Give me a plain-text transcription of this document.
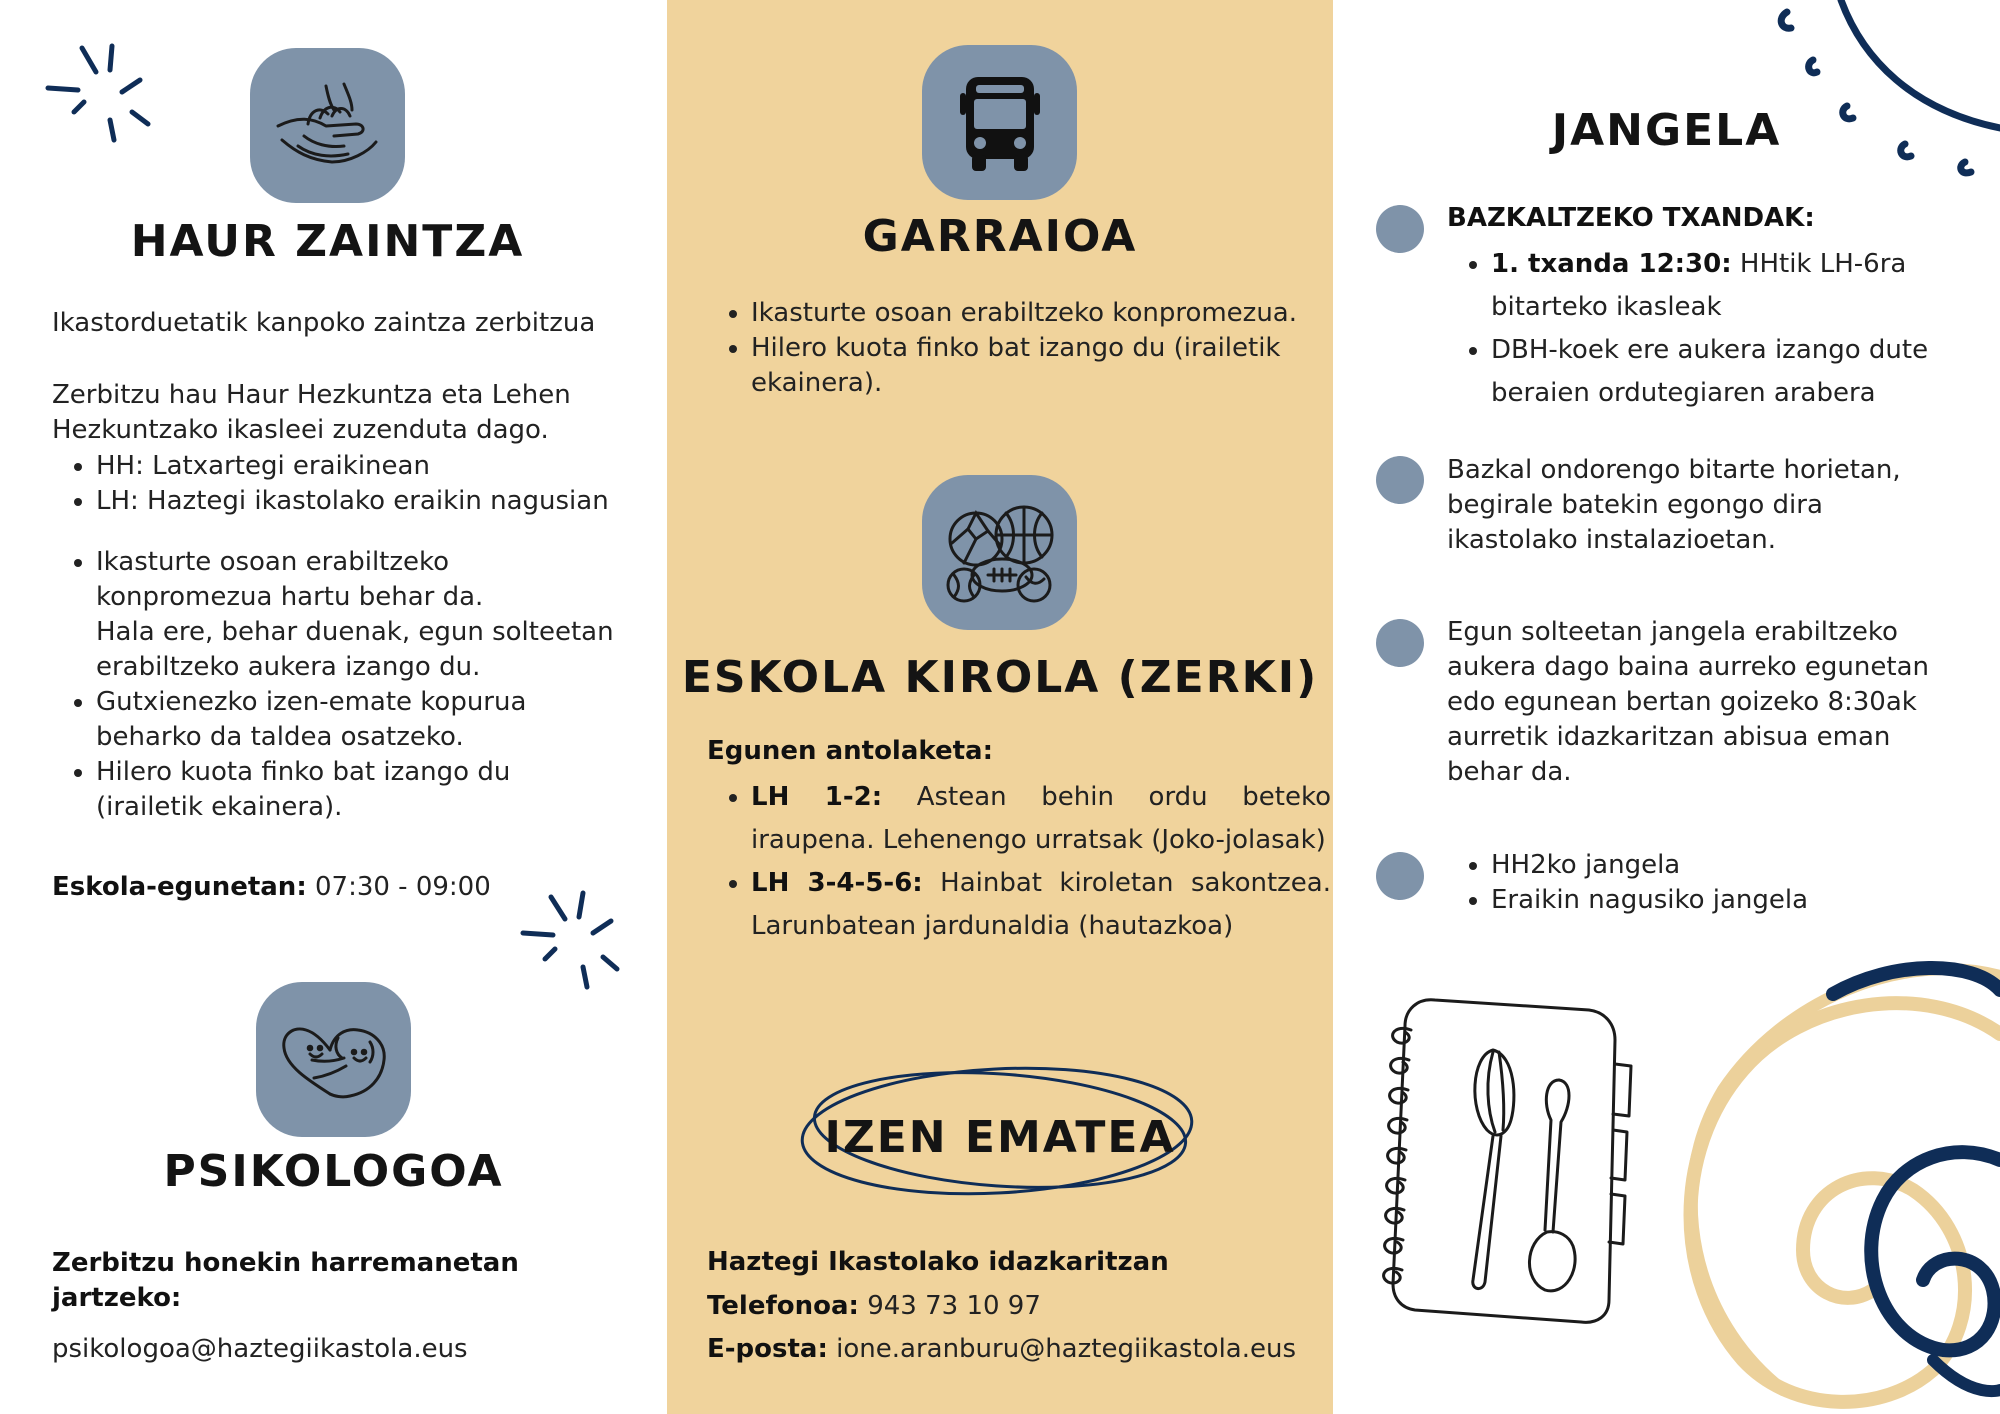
HAUR ZAINTZA

Ikastorduetatik kanpoko zaintza zerbitzua

Zerbitzu hau Haur Hezkuntza eta Lehen Hezkuntzako ikasleei zuzenduta dago.

• HH: Latxartegi eraikinean
• LH: Haztegi ikastolako eraikin nagusian
• Ikasturte osoan erabiltzeko
konpromezua hartu behar da.
Hala ere, behar duenak, egun solteetan
erabiltzeko aukera izango du.
• Gutxienezko izen-emate kopurua
beharko da taldea osatzeko.
• Hilero kuota finko bat izango du
(irailetik ekainera).

Eskola-egunetan: 07:30 - 09:00

PSIKOLOGOA

Zerbitzu honekin harremanetan jartzeko:

psikologoa@haztegiikastola.eus

GARRAIOA
• Ikasturte osoan erabiltzeko konpromezua.
• Hilero kuota finko bat izango du (irailetik ekainera).
ESKOLA KIROLA (ZERKI)

Egunen antolaketa:

• LH 1-2: Astean behin ordu beteko iraupena. Lehenengo urratsak (Joko-jolasak)
• LH 3-4-5-6: Hainbat kiroletan sakontzea. Larunbatean jardunaldia (hautazkoa)
IZEN EMATEA

Haztegi Ikastolako idazkaritzan

Telefonoa: 943 73 10 97

E-posta: ione.aranburu@haztegiikastola.eus

JANGELA

BAZKALTZEKO TXANDAK:

• 1. txanda 12:30: HHtik LH-6ra bitarteko ikasleak
• DBH-koek ere aukera izango dute beraien ordutegiaren arabera

Bazkal ondorengo bitarte horietan, begirale batekin egongo dira ikastolako instalazioetan.

Egun solteetan jangela erabiltzeko aukera dago baina aurreko egunetan edo egunean bertan goizeko 8:30ak aurretik idazkaritzan abisua eman behar da.

• HH2ko jangela
• Eraikin nagusiko jangela
